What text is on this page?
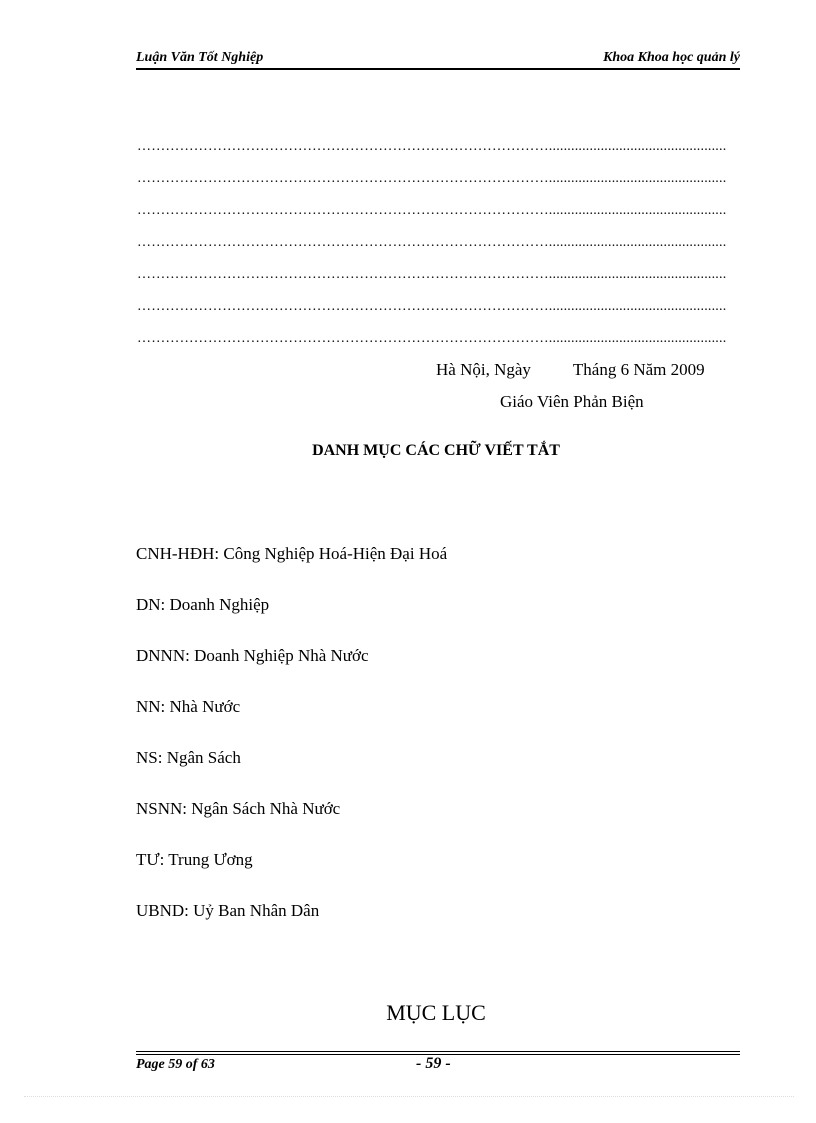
Luận Văn Tốt Nghiệp	Khoa Khoa học quản lý
……………………………………………………………………………................................................
……………………………………………………………………………................................................
……………………………………………………………………………................................................
……………………………………………………………………………................................................
……………………………………………………………………………................................................
……………………………………………………………………………................................................
……………………………………………………………………………................................................
Hà Nội, Ngày Tháng 6 Năm 2009
Giáo Viên Phản Biện
DANH MỤC CÁC CHỮ VIẾT TẮT
CNH-HĐH: Công Nghiệp Hoá-Hiện Đại Hoá
DN: Doanh Nghiệp
DNNN: Doanh Nghiệp Nhà Nước
NN: Nhà Nước
NS: Ngân Sách
NSNN: Ngân Sách Nhà Nước
TƯ: Trung Ương
UBND: Uỷ Ban Nhân Dân
MỤC LỤC
Page 59 of 63	- 59 -
